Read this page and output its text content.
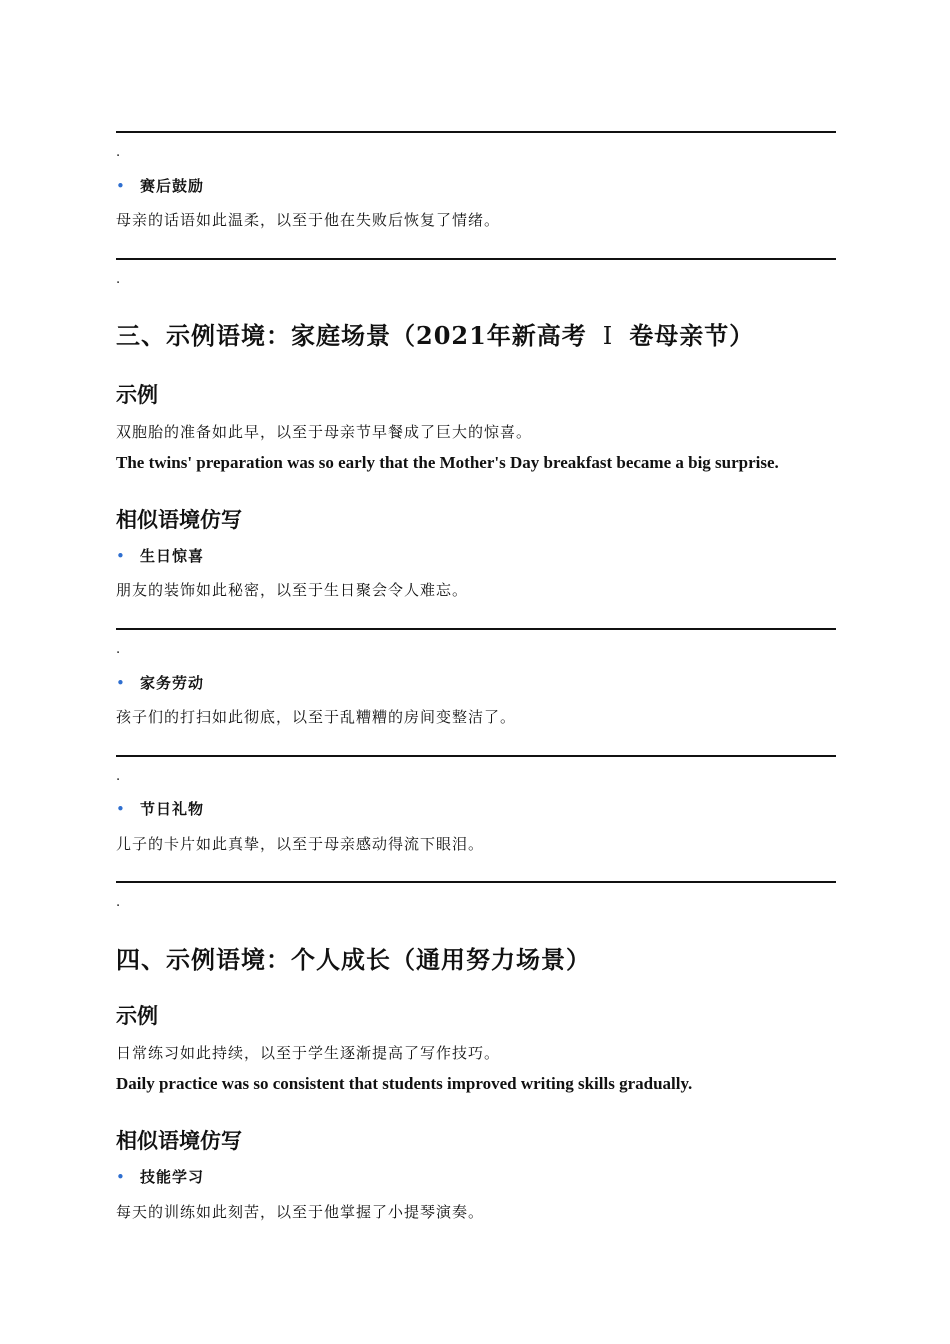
.
• 赛后鼓励
母亲的话语如此温柔，以至于他在失败后恢复了情绪。
.
三、示例语境：家庭场景（2021年新高考 Ⅰ 卷母亲节）
示例
双胞胎的准备如此早，以至于母亲节早餐成了巨大的惊喜。
The twins' preparation was so early that the Mother's Day breakfast became a big surprise.
相似语境仿写
• 生日惊喜
朋友的装饰如此秘密，以至于生日聚会令人难忘。
.
• 家务劳动
孩子们的打扫如此彻底，以至于乱糟糟的房间变整洁了。
.
• 节日礼物
儿子的卡片如此真挚，以至于母亲感动得流下眼泪。
.
四、示例语境：个人成长（通用努力场景）
示例
日常练习如此持续，以至于学生逐渐提高了写作技巧。
Daily practice was so consistent that students improved writing skills gradually.
相似语境仿写
• 技能学习
每天的训练如此刻苦，以至于他掌握了小提琴演奏。
